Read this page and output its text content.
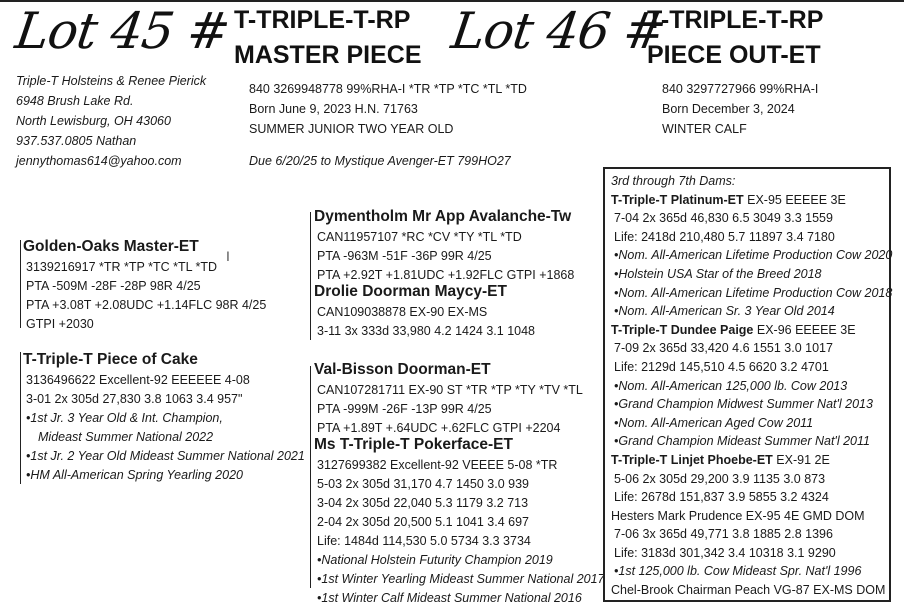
Lot 45 # T-TRIPLE-T-RP
MASTER PIECE
Triple-T Holsteins & Renee Pierick
6948 Brush Lake Rd.
North Lewisburg, OH 43060
937.537.0805 Nathan
jennythomas614@yahoo.com
840 3269948778 99%RHA-I *TR *TP *TC *TL *TD
Born June 9, 2023 H.N. 71763
SUMMER JUNIOR TWO YEAR OLD
Due 6/20/25 to Mystique Avenger-ET 799HO27
Lot 46 #
T-TRIPLE-T-RP
PIECE OUT-ET
840 3297727966 99%RHA-I
Born December 3, 2024
WINTER CALF
Golden-Oaks Master-ET
3139216917 *TR *TP *TC *TL *TD
PTA -509M -28F -28P 98R 4/25
PTA +3.08T +2.08UDC +1.14FLC 98R 4/25
GTPI +2030
I
T-Triple-T Piece of Cake
3136496622 Excellent-92 EEEEEE 4-08
3-01 2x 305d 27,830 3.8 1063 3.4 957"
•1st Jr. 3 Year Old & Int. Champion,
Mideast Summer National 2022
•1st Jr. 2 Year Old Mideast Summer National 2021
•HM All-American Spring Yearling 2020
Dymentholm Mr App Avalanche-Tw
CAN11957107 *RC *CV *TY *TL *TD
PTA -963M -51F -36P 99R 4/25
PTA +2.92T +1.81UDC +1.92FLC GTPI +1868
Drolie Doorman Maycy-ET
CAN109038878 EX-90 EX-MS
3-11 3x 333d 33,980 4.2 1424 3.1 1048
Val-Bisson Doorman-ET
CAN107281711 EX-90 ST *TR *TP *TY *TV *TL
PTA -999M -26F -13P 99R 4/25
PTA +1.89T +.64UDC +.62FLC GTPI +2204
Ms T-Triple-T Pokerface-ET
3127699382 Excellent-92 VEEEE 5-08 *TR
5-03 2x 305d 31,170 4.7 1450 3.0 939
3-04 2x 305d 22,040 5.3 1179 3.2 713
2-04 2x 305d 20,500 5.1 1041 3.4 697
Life: 1484d 114,530 5.0 5734 3.3 3734
•National Holstein Futurity Champion 2019
•1st Winter Yearling Mideast Summer National 2017
•1st Winter Calf Mideast Summer National 2016
3rd through 7th Dams:
T-Triple-T Platinum-ET EX-95 EEEEE 3E
7-04 2x 365d 46,830 6.5 3049 3.3 1559
Life: 2418d 210,480 5.7 11897 3.4 7180
•Nom. All-American Lifetime Production Cow 2020
•Holstein USA Star of the Breed 2018
•Nom. All-American Lifetime Production Cow 2018
•Nom. All-American Sr. 3 Year Old 2014
T-Triple-T Dundee Paige EX-96 EEEEE 3E
7-09 2x 365d 33,420 4.6 1551 3.0 1017
Life: 2129d 145,510 4.5 6620 3.2 4701
•Nom. All-American 125,000 lb. Cow 2013
•Grand Champion Midwest Summer Nat'l 2013
•Nom. All-American Aged Cow 2011
•Grand Champion Mideast Summer Nat'l 2011
T-Triple-T Linjet Phoebe-ET EX-91 2E
5-06 2x 305d 29,200 3.9 1135 3.0 873
Life: 2678d 151,837 3.9 5855 3.2 4324
Hesters Mark Prudence EX-95 4E GMD DOM
7-06 3x 365d 49,771 3.8 1885 2.8 1396
Life: 3183d 301,342 3.4 10318 3.1 9290
•1st 125,000 lb. Cow Mideast Spr. Nat'l 1996
Chel-Brook Chairman Peach VG-87 EX-MS DOM
